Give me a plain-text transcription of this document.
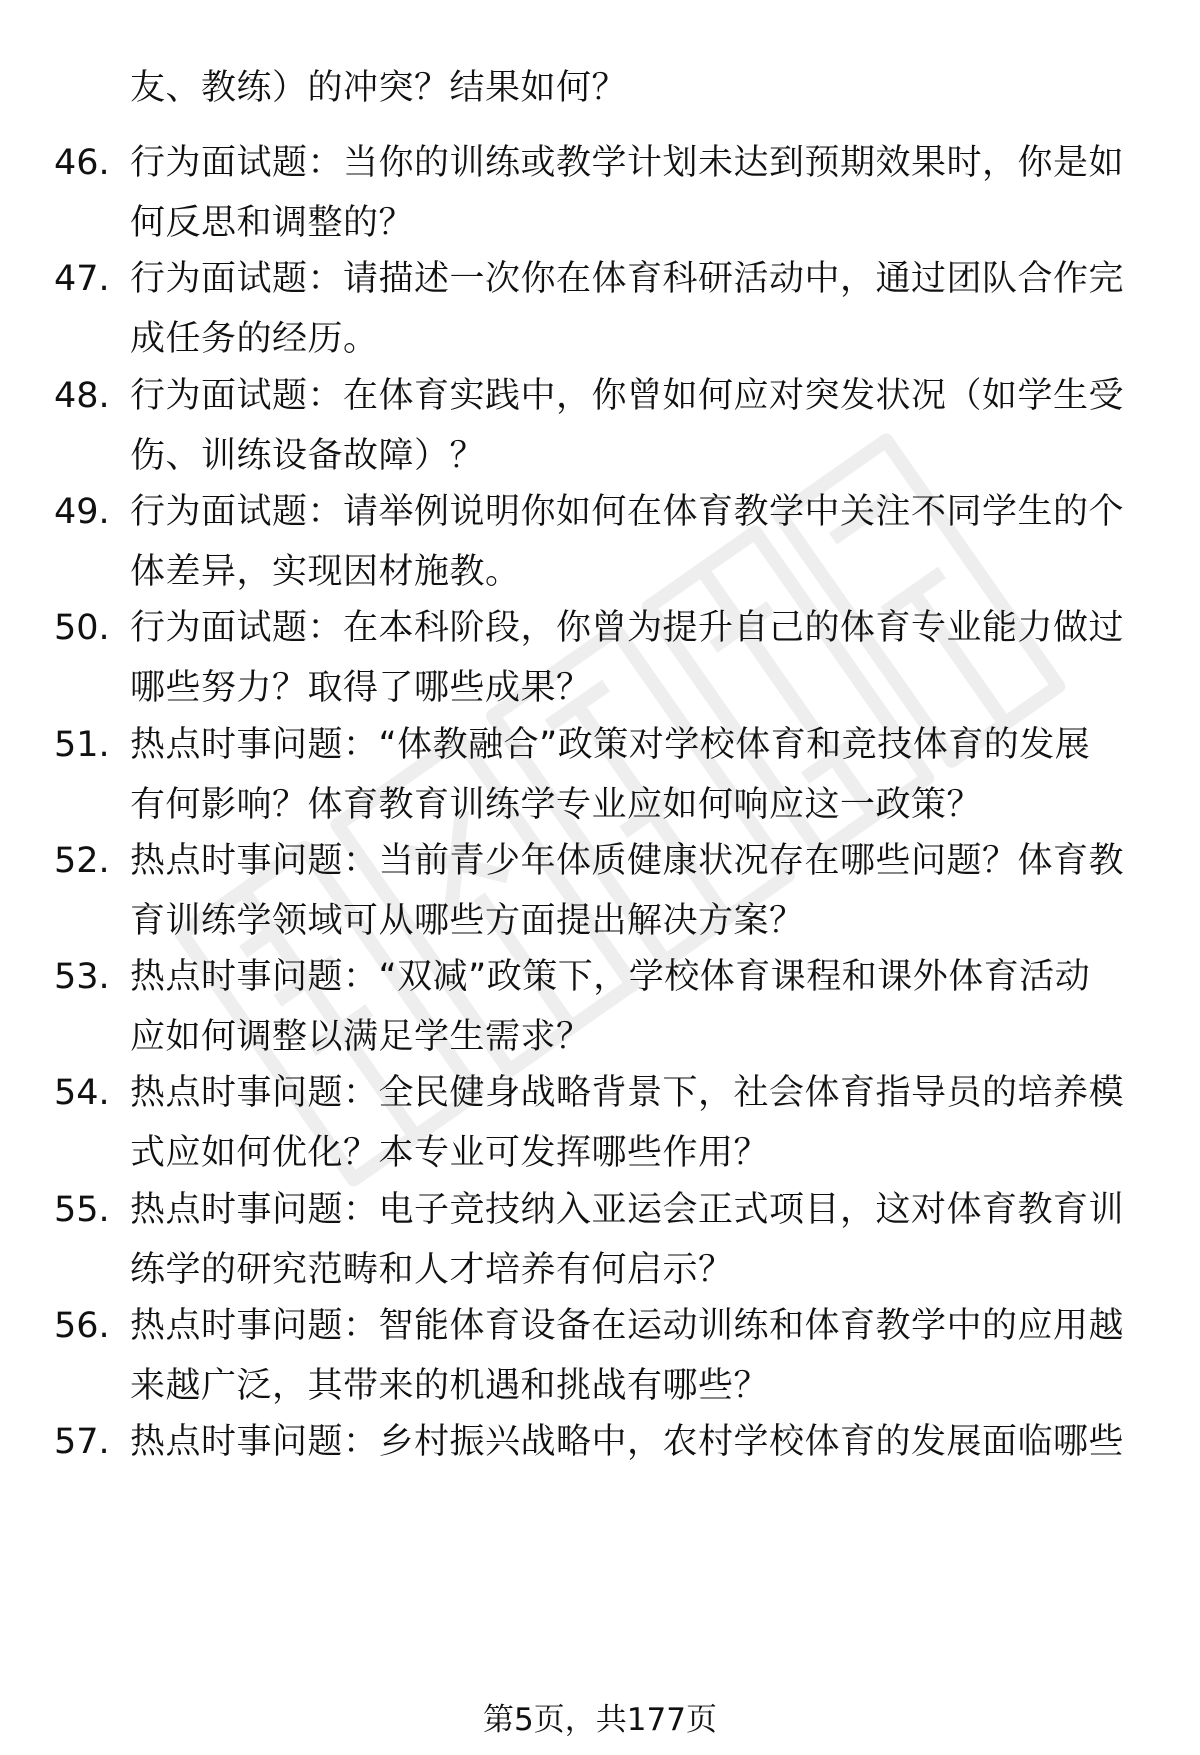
友、教练）的冲突？结果如何？
46. 行为面试题：当你的训练或教学计划未达到预期效果时，你是如
何反思和调整的？
47. 行为面试题：请描述一次你在体育科研活动中，通过团队合作完
成任务的经历。
48. 行为面试题：在体育实践中，你曾如何应对突发状况（如学生受
伤、训练设备故障）？
49. 行为面试题：请举例说明你如何在体育教学中关注不同学生的个
体差异，实现因材施教。
50. 行为面试题：在本科阶段，你曾为提升自己的体育专业能力做过
哪些努力？取得了哪些成果？
51. 热点时事问题：“体教融合”政策对学校体育和竞技体育的发展
有何影响？体育教育训练学专业应如何响应这一政策？
52. 热点时事问题：当前青少年体质健康状况存在哪些问题？体育教
育训练学领域可从哪些方面提出解决方案？
53. 热点时事问题：“双减”政策下，学校体育课程和课外体育活动
应如何调整以满足学生需求？
54. 热点时事问题：全民健身战略背景下，社会体育指导员的培养模
式应如何优化？本专业可发挥哪些作用？
55. 热点时事问题：电子竞技纳入亚运会正式项目，这对体育教育训
练学的研究范畴和人才培养有何启示？
56. 热点时事问题：智能体育设备在运动训练和体育教学中的应用越
来越广泛，其带来的机遇和挑战有哪些？
57. 热点时事问题：乡村振兴战略中，农村学校体育的发展面临哪些
第5页，共177页
